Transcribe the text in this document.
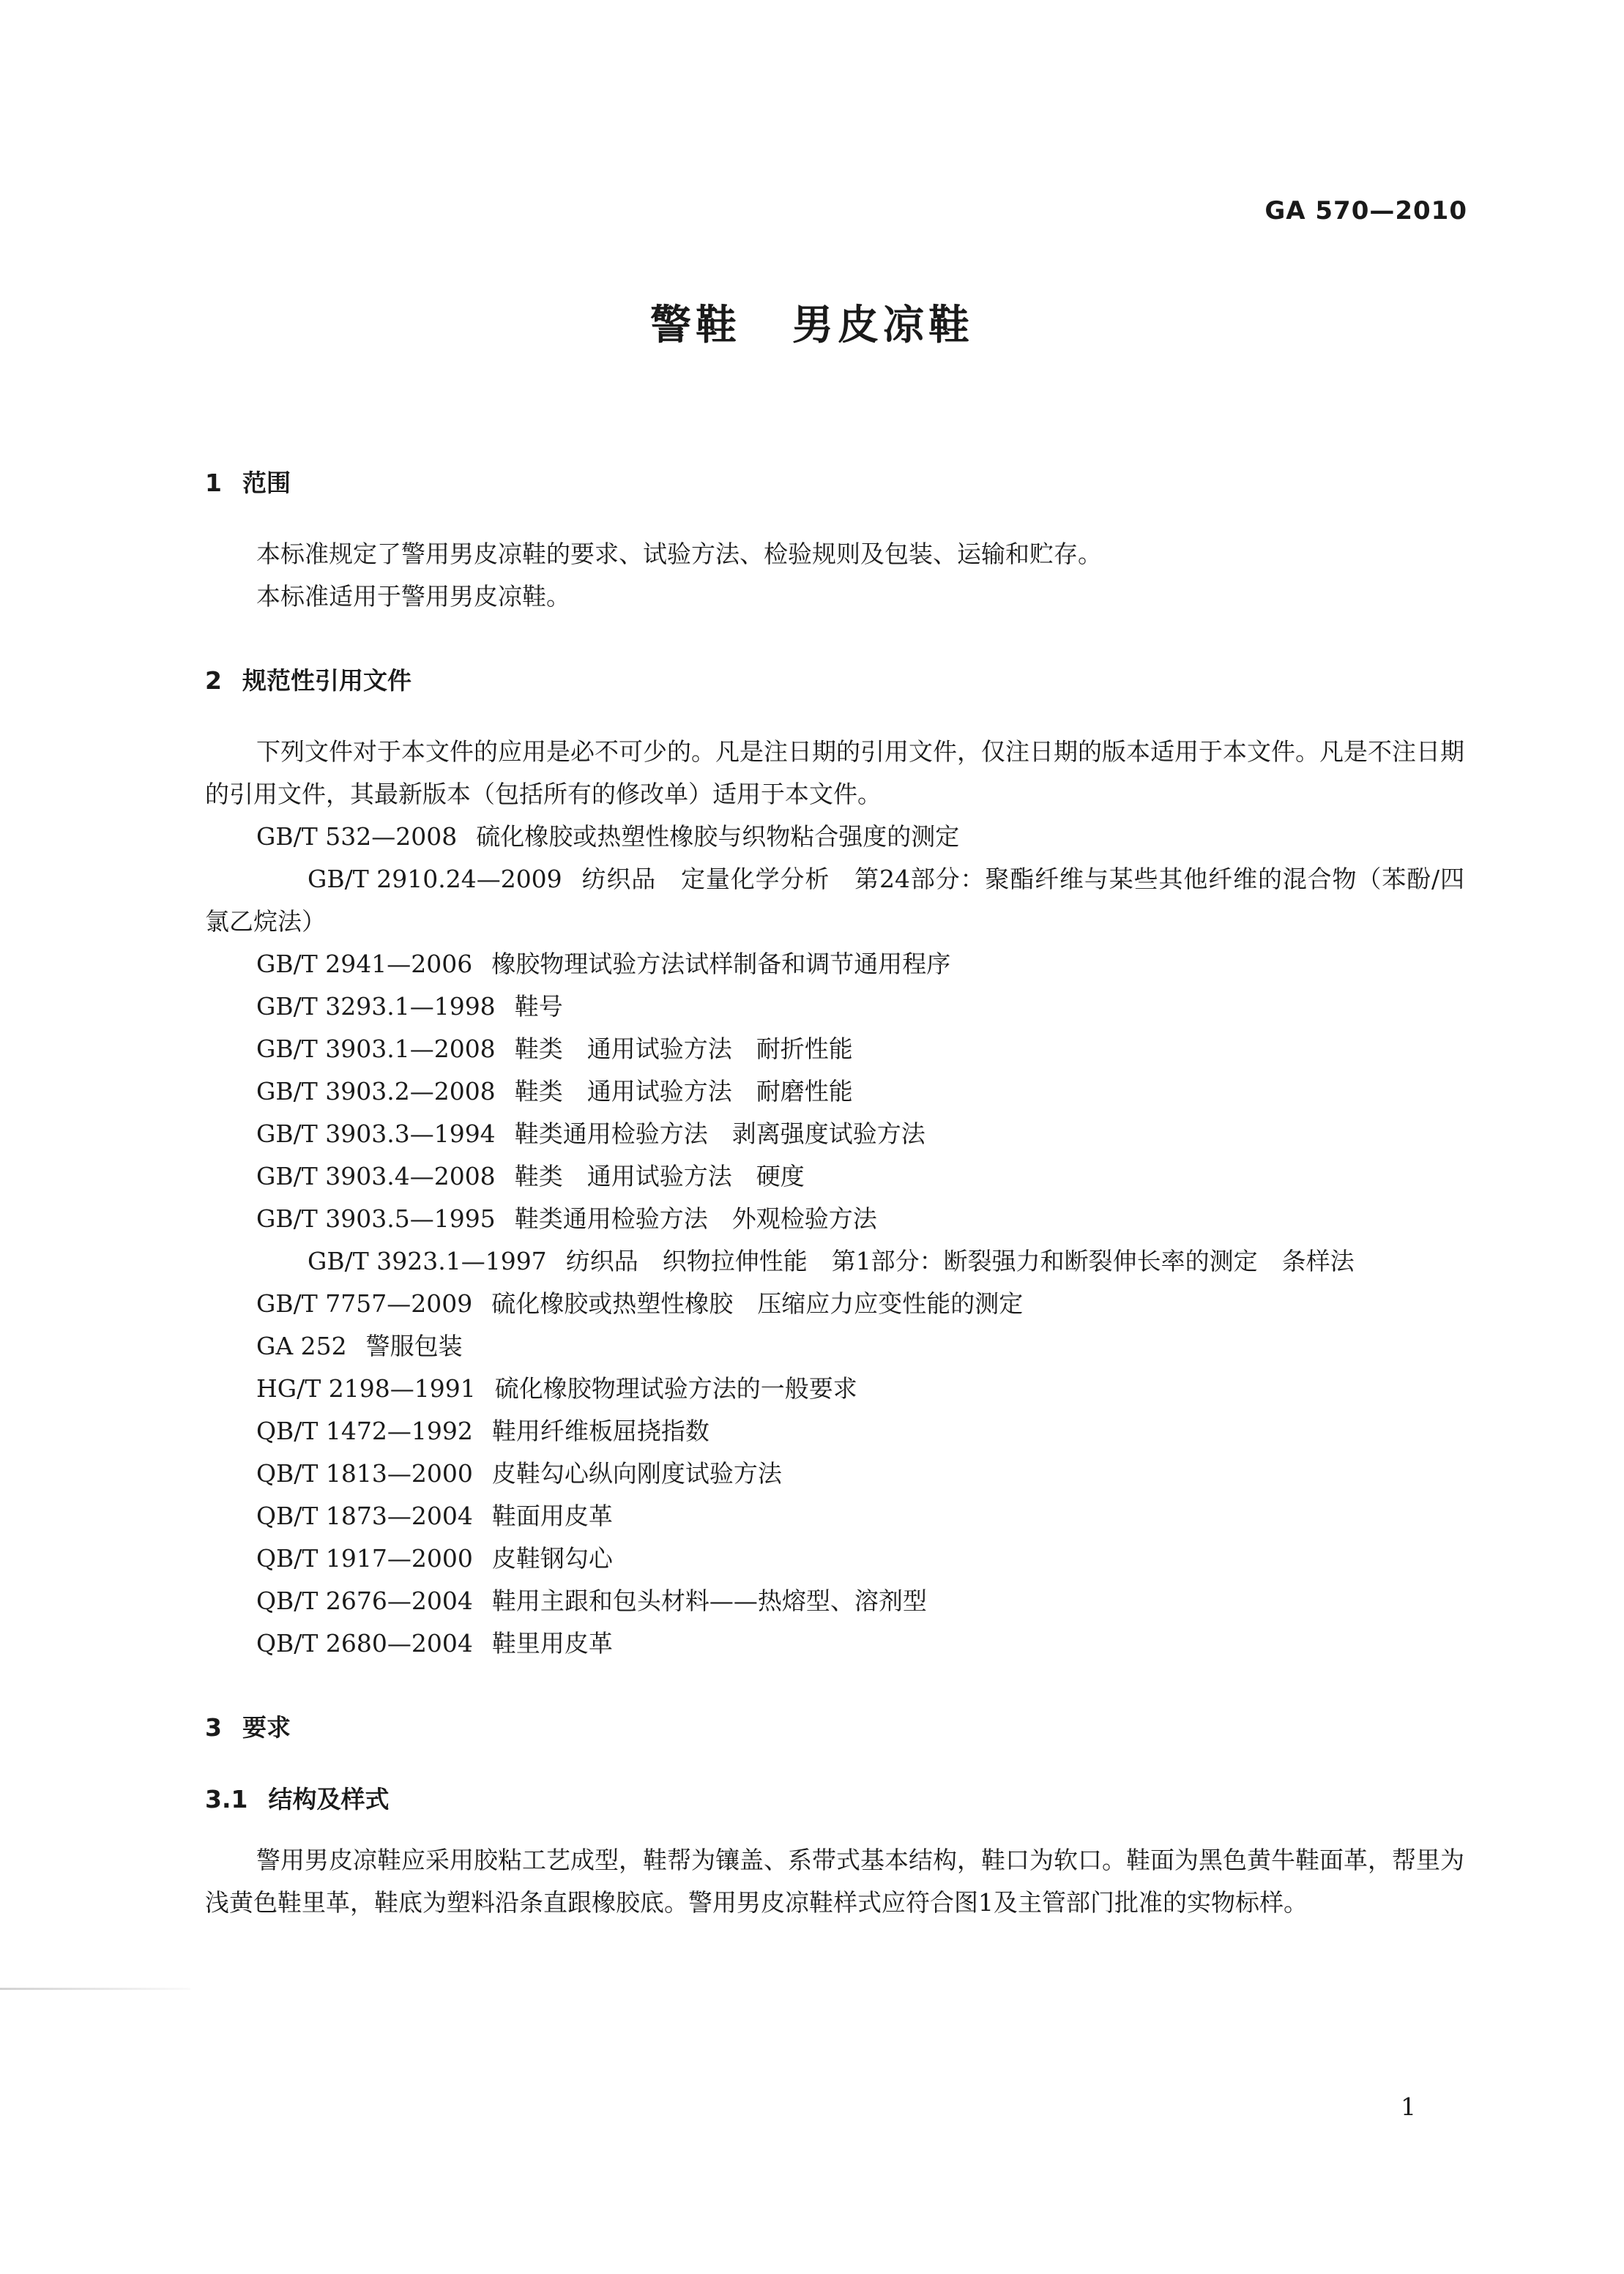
GA 570—2010
警鞋 男皮凉鞋
1 范围
本标准规定了警用男皮凉鞋的要求、试验方法、检验规则及包装、运输和贮存。
本标准适用于警用男皮凉鞋。
2 规范性引用文件
下列文件对于本文件的应用是必不可少的。凡是注日期的引用文件，仅注日期的版本适用于本文件。凡是不注日期的引用文件，其最新版本（包括所有的修改单）适用于本文件。
GB/T 532—2008 硫化橡胶或热塑性橡胶与织物粘合强度的测定
GB/T 2910.24—2009 纺织品　定量化学分析　第24部分：聚酯纤维与某些其他纤维的混合物（苯酚/四氯乙烷法）
GB/T 2941—2006 橡胶物理试验方法试样制备和调节通用程序
GB/T 3293.1—1998 鞋号
GB/T 3903.1—2008 鞋类　通用试验方法　耐折性能
GB/T 3903.2—2008 鞋类　通用试验方法　耐磨性能
GB/T 3903.3—1994 鞋类通用检验方法　剥离强度试验方法
GB/T 3903.4—2008 鞋类　通用试验方法　硬度
GB/T 3903.5—1995 鞋类通用检验方法　外观检验方法
GB/T 3923.1—1997 纺织品　织物拉伸性能　第1部分：断裂强力和断裂伸长率的测定　条样法
GB/T 7757—2009 硫化橡胶或热塑性橡胶　压缩应力应变性能的测定
GA 252 警服包装
HG/T 2198—1991 硫化橡胶物理试验方法的一般要求
QB/T 1472—1992 鞋用纤维板屈挠指数
QB/T 1813—2000 皮鞋勾心纵向刚度试验方法
QB/T 1873—2004 鞋面用皮革
QB/T 1917—2000 皮鞋钢勾心
QB/T 2676—2004 鞋用主跟和包头材料——热熔型、溶剂型
QB/T 2680—2004 鞋里用皮革
3 要求
3.1 结构及样式
警用男皮凉鞋应采用胶粘工艺成型，鞋帮为镶盖、系带式基本结构，鞋口为软口。鞋面为黑色黄牛鞋面革，帮里为浅黄色鞋里革，鞋底为塑料沿条直跟橡胶底。警用男皮凉鞋样式应符合图1及主管部门批准的实物标样。
1
